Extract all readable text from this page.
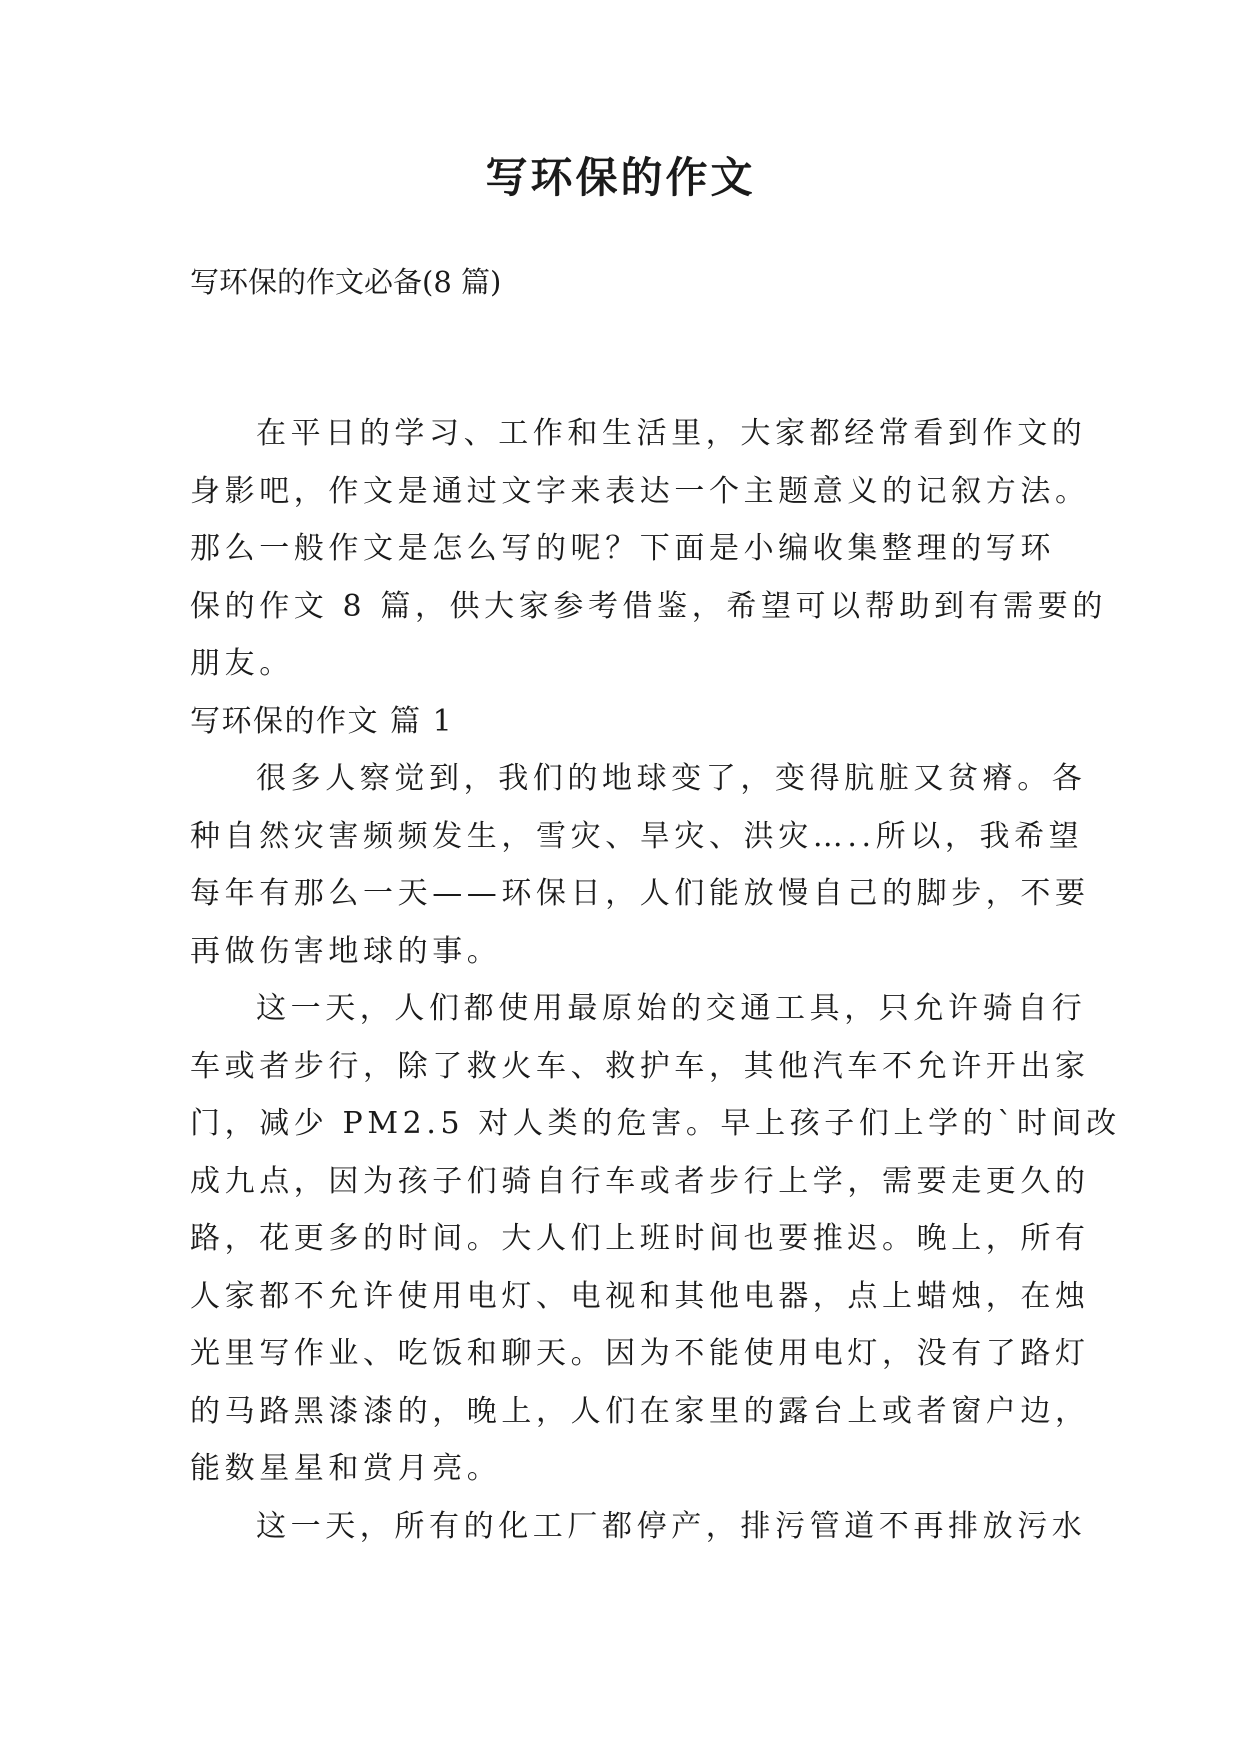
写环保的作文

写环保的作文必备(8 篇)

在平日的学习、工作和生活里，大家都经常看到作文的

身影吧，作文是通过文字来表达一个主题意义的记叙方法。

那么一般作文是怎么写的呢？下面是小编收集整理的写环

保的作文 8 篇，供大家参考借鉴，希望可以帮助到有需要的

朋友。

写环保的作文 篇 1

很多人察觉到，我们的地球变了，变得肮脏又贫瘠。各

种自然灾害频频发生，雪灾、旱灾、洪灾…..所以，我希望

每年有那么一天——环保日，人们能放慢自己的脚步，不要

再做伤害地球的事。

这一天，人们都使用最原始的交通工具，只允许骑自行

车或者步行，除了救火车、救护车，其他汽车不允许开出家

门，减少 PM2.5 对人类的危害。早上孩子们上学的`时间改

成九点，因为孩子们骑自行车或者步行上学，需要走更久的

路，花更多的时间。大人们上班时间也要推迟。晚上，所有

人家都不允许使用电灯、电视和其他电器，点上蜡烛，在烛

光里写作业、吃饭和聊天。因为不能使用电灯，没有了路灯

的马路黑漆漆的，晚上，人们在家里的露台上或者窗户边，

能数星星和赏月亮。

这一天，所有的化工厂都停产，排污管道不再排放污水
